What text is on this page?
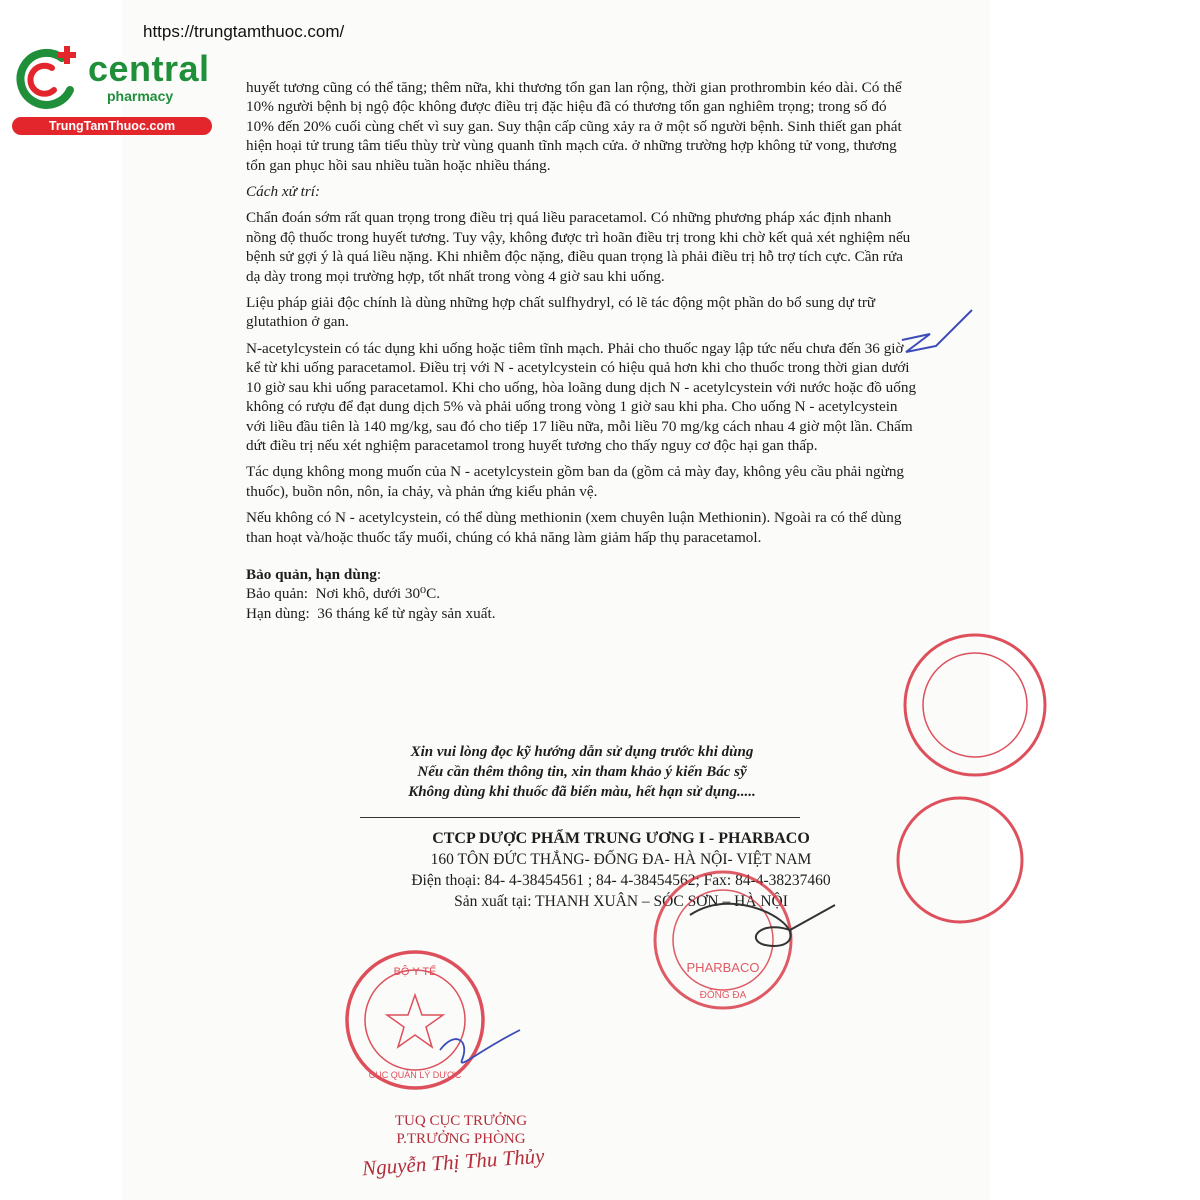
https://trungtamthuoc.com/
central
pharmacy
TrungTamThuoc.com

huyết tương cũng có thể tăng; thêm nữa, khi thương tổn gan lan rộng, thời gian prothrombin kéo dài. Có thể 10% người bệnh bị ngộ độc không được điều trị đặc hiệu đã có thương tổn gan nghiêm trọng; trong số đó 10% đến 20% cuối cùng chết vì suy gan. Suy thận cấp cũng xảy ra ở một số người bệnh. Sinh thiết gan phát hiện hoại tử trung tâm tiểu thùy trừ vùng quanh tĩnh mạch cửa. ở những trường hợp không tử vong, thương tổn gan phục hồi sau nhiều tuần hoặc nhiều tháng.

Cách xử trí:

Chẩn đoán sớm rất quan trọng trong điều trị quá liều paracetamol. Có những phương pháp xác định nhanh nồng độ thuốc trong huyết tương. Tuy vậy, không được trì hoãn điều trị trong khi chờ kết quả xét nghiệm nếu bệnh sử gợi ý là quá liều nặng. Khi nhiễm độc nặng, điều quan trọng là phải điều trị hỗ trợ tích cực. Cần rửa dạ dày trong mọi trường hợp, tốt nhất trong vòng 4 giờ sau khi uống.

Liệu pháp giải độc chính là dùng những hợp chất sulfhydryl, có lẽ tác động một phần do bổ sung dự trữ glutathion ở gan.

N-acetylcystein có tác dụng khi uống hoặc tiêm tĩnh mạch. Phải cho thuốc ngay lập tức nếu chưa đến 36 giờ kể từ khi uống paracetamol. Điều trị với N - acetylcystein có hiệu quả hơn khi cho thuốc trong thời gian dưới 10 giờ sau khi uống paracetamol. Khi cho uống, hòa loãng dung dịch N - acetylcystein với nước hoặc đồ uống không có rượu để đạt dung dịch 5% và phải uống trong vòng 1 giờ sau khi pha. Cho uống N - acetylcystein với liều đầu tiên là 140 mg/kg, sau đó cho tiếp 17 liều nữa, mỗi liều 70 mg/kg cách nhau 4 giờ một lần. Chấm dứt điều trị nếu xét nghiệm paracetamol trong huyết tương cho thấy nguy cơ độc hại gan thấp.

Tác dụng không mong muốn của N - acetylcystein gồm ban da (gồm cả mày đay, không yêu cầu phải ngừng thuốc), buồn nôn, nôn, ỉa chảy, và phản ứng kiểu phản vệ.

Nếu không có N - acetylcystein, có thể dùng methionin (xem chuyên luận Methionin). Ngoài ra có thể dùng than hoạt và/hoặc thuốc tẩy muối, chúng có khả năng làm giảm hấp thụ paracetamol.

Bảo quản, hạn dùng:
Bảo quản: Nơi khô, dưới 30⁰C.
Hạn dùng: 36 tháng kể từ ngày sản xuất.
Xin vui lòng đọc kỹ hướng dẫn sử dụng trước khi dùng
Nếu cần thêm thông tin, xin tham khảo ý kiến Bác sỹ
Không dùng khi thuốc đã biến màu, hết hạn sử dụng.....
CTCP DƯỢC PHẨM TRUNG ƯƠNG I - PHARBACO
160 TÔN ĐỨC THẮNG- ĐỐNG ĐA- HÀ NỘI- VIỆT NAM
Điện thoại: 84- 4-38454561 ; 84- 4-38454562; Fax: 84-4-38237460
Sản xuất tại: THANH XUÂN – SÓC SƠN – HÀ NỘI
PHARBACO
ĐỐNG ĐA
BỘ Y TẾ
CỤC QUẢN LÝ DƯỢC
TUQ CỤC TRƯỞNG
P.TRƯỞNG PHÒNG
Nguyễn Thị Thu Thủy
